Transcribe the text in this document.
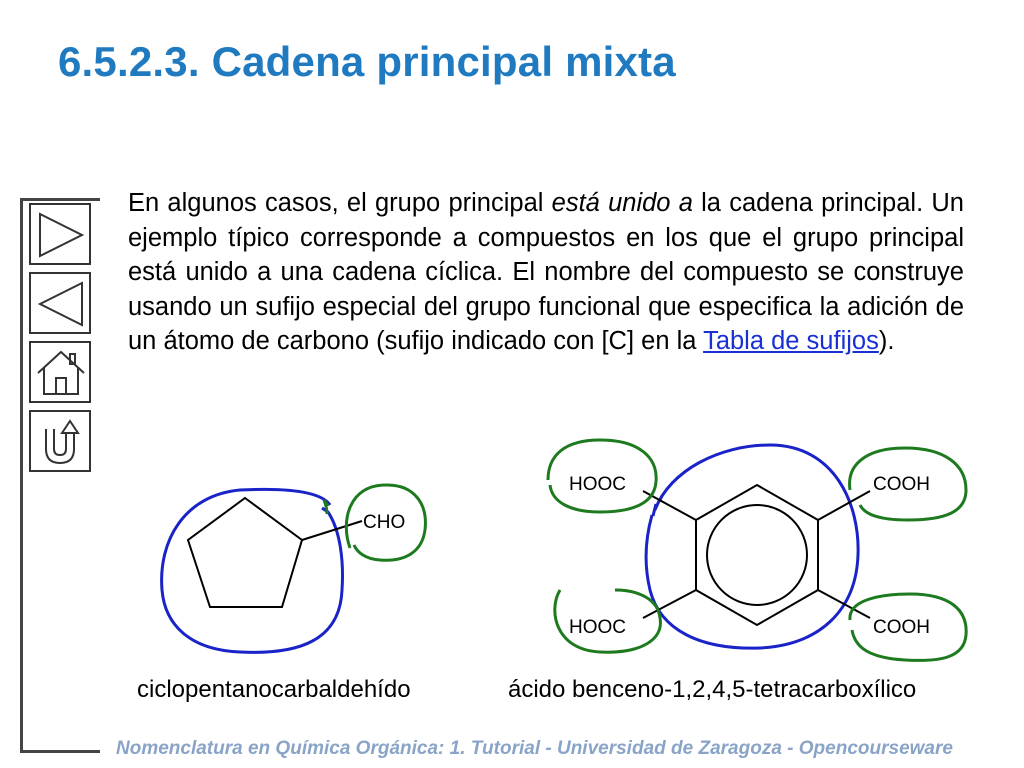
6.5.2.3. Cadena principal mixta

En algunos casos, el grupo principal está unido a la cadena principal. Un ejemplo típico corresponde a compuestos en los que el grupo principal está unido a una cadena cíclica. El nombre del compuesto se construye usando un sufijo especial del grupo funcional que especifica la adición de un átomo de carbono (sufijo indicado con [C] en la Tabla de sufijos).

CHO
HOOC	COOH
HOOC	COOH
ciclopentanocarbaldehído	ácido benceno-1,2,4,5-tetracarboxílico
Nomenclatura en Química Orgánica: 1. Tutorial - Universidad de Zaragoza - Opencourseware
